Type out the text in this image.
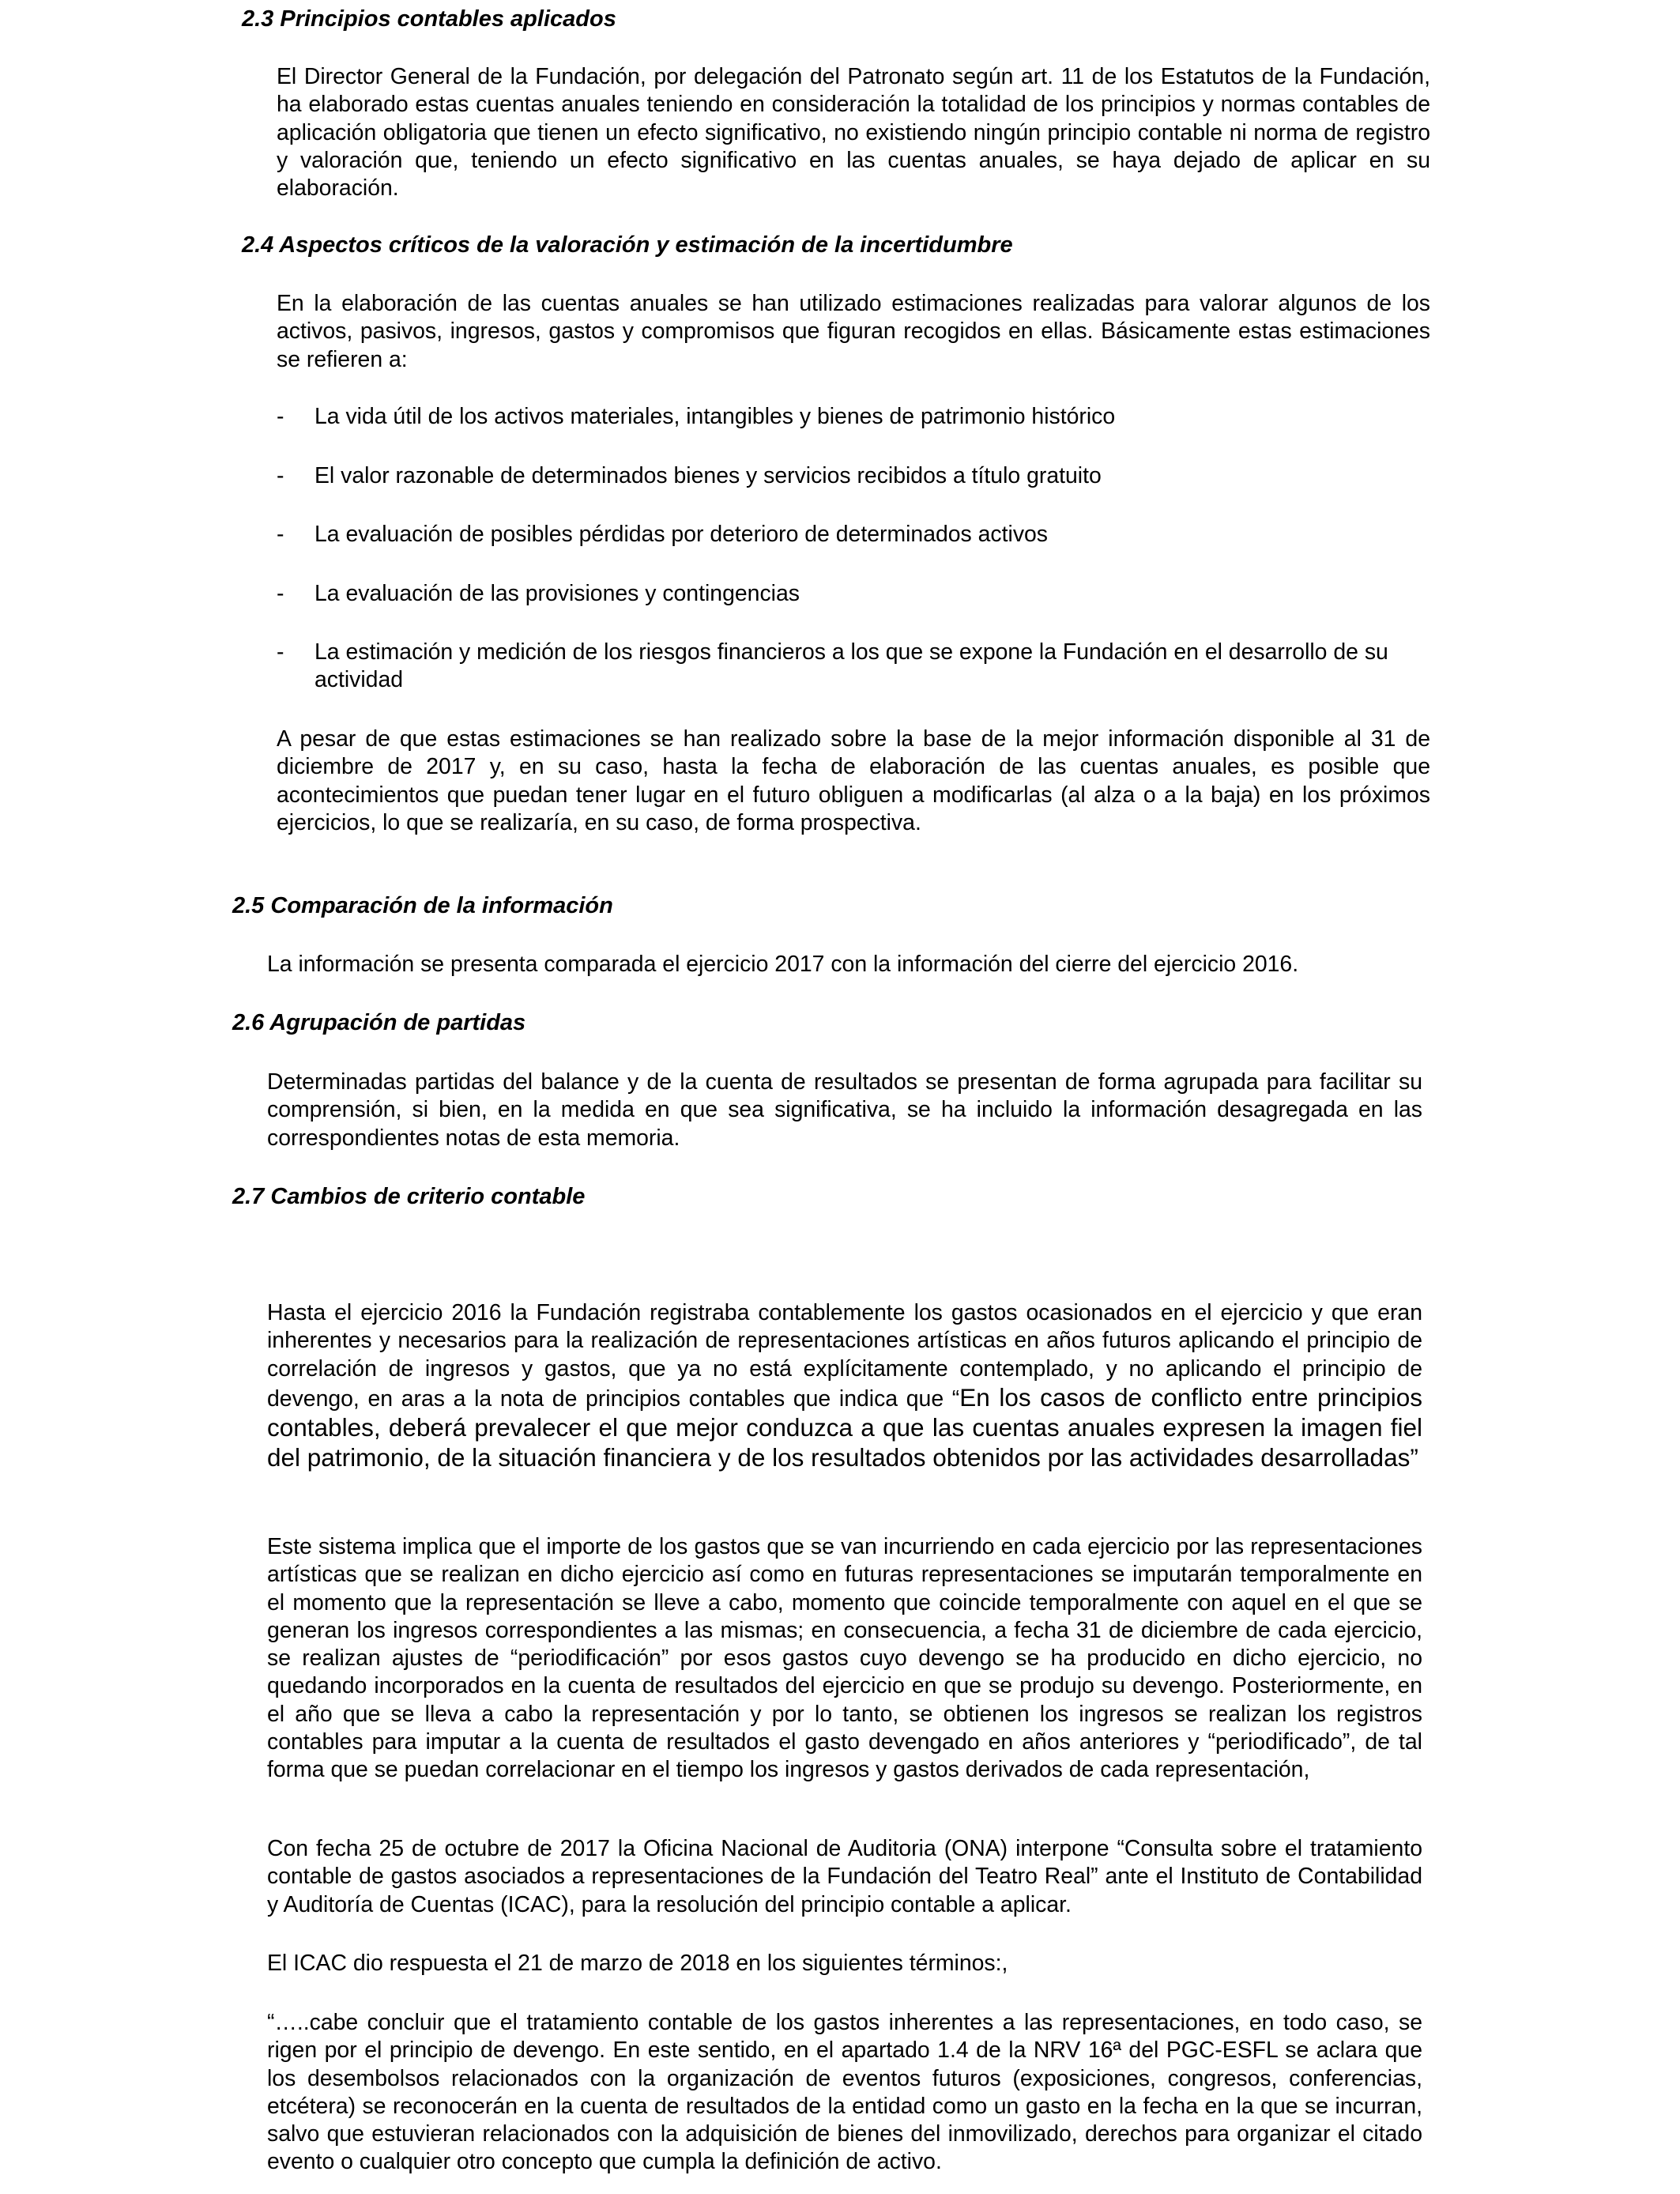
2.3 Principios contables aplicados

El Director General de la Fundación, por delegación del Patronato según art. 11 de los Estatutos de la Fundación, ha elaborado estas cuentas anuales teniendo en consideración la totalidad de los principios y normas contables de aplicación obligatoria que tienen un efecto significativo, no existiendo ningún principio contable ni norma de registro y valoración que, teniendo un efecto significativo en las cuentas anuales, se haya dejado de aplicar en su elaboración.

2.4 Aspectos críticos de la valoración y estimación de la incertidumbre

En la elaboración de las cuentas anuales se han utilizado estimaciones realizadas para valorar algunos de los activos, pasivos, ingresos, gastos y compromisos que figuran recogidos en ellas. Básicamente estas estimaciones se refieren a:

- La vida útil de los activos materiales, intangibles y bienes de patrimonio histórico
- El valor razonable de determinados bienes y servicios recibidos a título gratuito
- La evaluación de posibles pérdidas por deterioro de determinados activos
- La evaluación de las provisiones y contingencias
- La estimación y medición de los riesgos financieros a los que se expone la Fundación en el desarrollo de su actividad

A pesar de que estas estimaciones se han realizado sobre la base de la mejor información disponible al 31 de diciembre de 2017 y, en su caso, hasta la fecha de elaboración de las cuentas anuales, es posible que acontecimientos que puedan tener lugar en el futuro obliguen a modificarlas (al alza o a la baja) en los próximos ejercicios, lo que se realizaría, en su caso, de forma prospectiva.

2.5 Comparación de la información

La información se presenta comparada el ejercicio 2017 con la información del cierre del ejercicio 2016.

2.6 Agrupación de partidas

Determinadas partidas del balance y de la cuenta de resultados se presentan de forma agrupada para facilitar su comprensión, si bien, en la medida en que sea significativa, se ha incluido la información desagregada en las correspondientes notas de esta memoria.

2.7 Cambios de criterio contable

Hasta el ejercicio 2016 la Fundación registraba contablemente los gastos ocasionados en el ejercicio y que eran inherentes y necesarios para la realización de representaciones artísticas en años futuros aplicando el principio de correlación de ingresos y gastos, que ya no está explícitamente contemplado, y no aplicando el principio de devengo, en aras a la nota de principios contables que indica que “En los casos de conflicto entre principios contables, deberá prevalecer el que mejor conduzca a que las cuentas anuales expresen la imagen fiel del patrimonio, de la situación financiera y de los resultados obtenidos por las actividades desarrolladas”

Este sistema implica que el importe de los gastos que se van incurriendo en cada ejercicio por las representaciones artísticas que se realizan en dicho ejercicio así como en futuras representaciones se imputarán temporalmente en el momento que la representación se lleve a cabo, momento que coincide temporalmente con aquel en el que se generan los ingresos correspondientes a las mismas; en consecuencia, a fecha 31 de diciembre de cada ejercicio, se realizan ajustes de “periodificación” por esos gastos cuyo devengo se ha producido en dicho ejercicio, no quedando incorporados en la cuenta de resultados del ejercicio en que se produjo su devengo. Posteriormente, en el año que se lleva a cabo la representación y por lo tanto, se obtienen los ingresos se realizan los registros contables para imputar a la cuenta de resultados el gasto devengado en años anteriores y “periodificado”, de tal forma que se puedan correlacionar en el tiempo los ingresos y gastos derivados de cada representación,

Con fecha 25 de octubre de 2017 la Oficina Nacional de Auditoria (ONA) interpone “Consulta sobre el tratamiento contable de gastos asociados a representaciones de la Fundación del Teatro Real” ante el Instituto de Contabilidad y Auditoría de Cuentas (ICAC), para la resolución del principio contable a aplicar.

El ICAC dio respuesta el 21 de marzo de 2018 en los siguientes términos:,

“…..cabe concluir que el tratamiento contable de los gastos inherentes a las representaciones, en todo caso, se rigen por el principio de devengo. En este sentido, en el apartado 1.4 de la NRV 16ª del PGC-ESFL se aclara que los desembolsos relacionados con la organización de eventos futuros (exposiciones, congresos, conferencias, etcétera) se reconocerán en la cuenta de resultados de la entidad como un gasto en la fecha en la que se incurran, salvo que estuvieran relacionados con la adquisición de bienes del inmovilizado, derechos para organizar el citado evento o cualquier otro concepto que cumpla la definición de activo.
